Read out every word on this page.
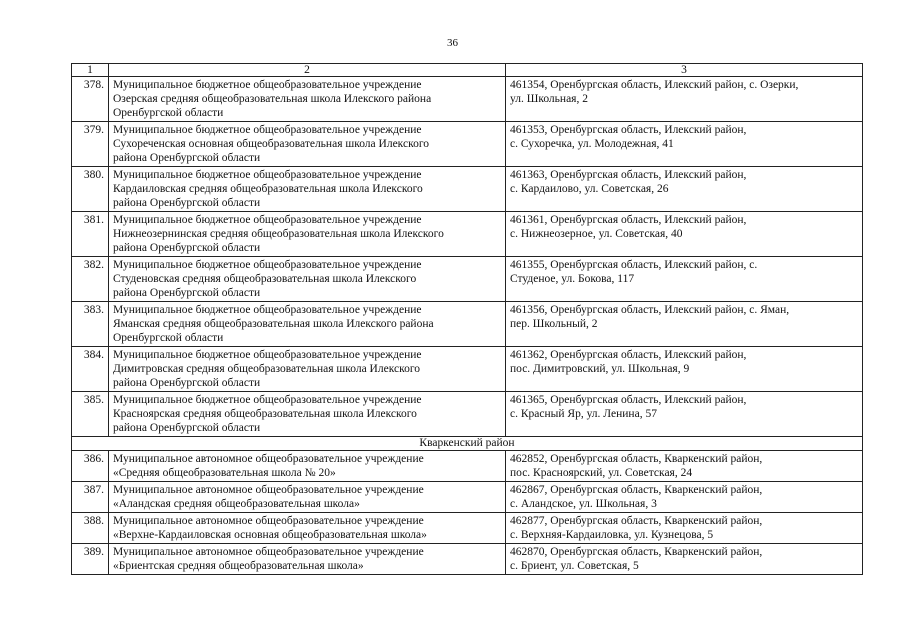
36
1	2	3
378.	Муниципальное бюджетное общеобразовательное учреждение
Озерская средняя общеобразовательная школа Илекского района
Оренбургской области	461354, Оренбургская область, Илекский район, с. Озерки,
ул. Школьная, 2

379.	Муниципальное бюджетное общеобразовательное учреждение
Сухореченская основная общеобразовательная школа Илекского
района Оренбургской области	461353, Оренбургская область, Илекский район,
с. Сухоречка, ул. Молодежная, 41

380.	Муниципальное бюджетное общеобразовательное учреждение
Кардаиловская средняя общеобразовательная школа Илекского
района Оренбургской области	461363, Оренбургская область, Илекский район,
с. Кардаилово, ул. Советская, 26

381.	Муниципальное бюджетное общеобразовательное учреждение
Нижнеозернинская средняя общеобразовательная школа Илекского
района Оренбургской области	461361, Оренбургская область, Илекский район,
с. Нижнеозерное, ул. Советская, 40

382.	Муниципальное бюджетное общеобразовательное учреждение
Студеновская средняя общеобразовательная школа Илекского
района Оренбургской области	461355, Оренбургская область, Илекский район, с.
Студеное, ул. Бокова, 117

383.	Муниципальное бюджетное общеобразовательное учреждение
Яманская средняя общеобразовательная школа Илекского района
Оренбургской области	461356, Оренбургская область, Илекский район, с. Яман,
пер. Школьный, 2

384.	Муниципальное бюджетное общеобразовательное учреждение
Димитровская средняя общеобразовательная школа Илекского
района Оренбургской области	461362, Оренбургская область, Илекский район,
пос. Димитровский, ул. Школьная, 9

385.	Муниципальное бюджетное общеобразовательное учреждение
Красноярская средняя общеобразовательная школа Илекского
района Оренбургской области	461365, Оренбургская область, Илекский район,
с. Красный Яр, ул. Ленина, 57

Кваркенский район		
386.	Муниципальное автономное общеобразовательное учреждение
«Средняя общеобразовательная школа № 20»	462852, Оренбургская область, Кваркенский район,
пос. Красноярский, ул. Советская, 24

387.	Муниципальное автономное общеобразовательное учреждение
«Аландская средняя общеобразовательная школа»	462867, Оренбургская область, Кваркенский район,
с. Аландское, ул. Школьная, 3

388.	Муниципальное автономное общеобразовательное учреждение
«Верхне-Кардаиловская основная общеобразовательная школа»	462877, Оренбургская область, Кваркенский район,
с. Верхняя-Кардаиловка, ул. Кузнецова, 5

389.	Муниципальное автономное общеобразовательное учреждение
«Бриентская средняя общеобразовательная школа»	462870, Оренбургская область, Кваркенский район,
с. Бриент, ул. Советская, 5
